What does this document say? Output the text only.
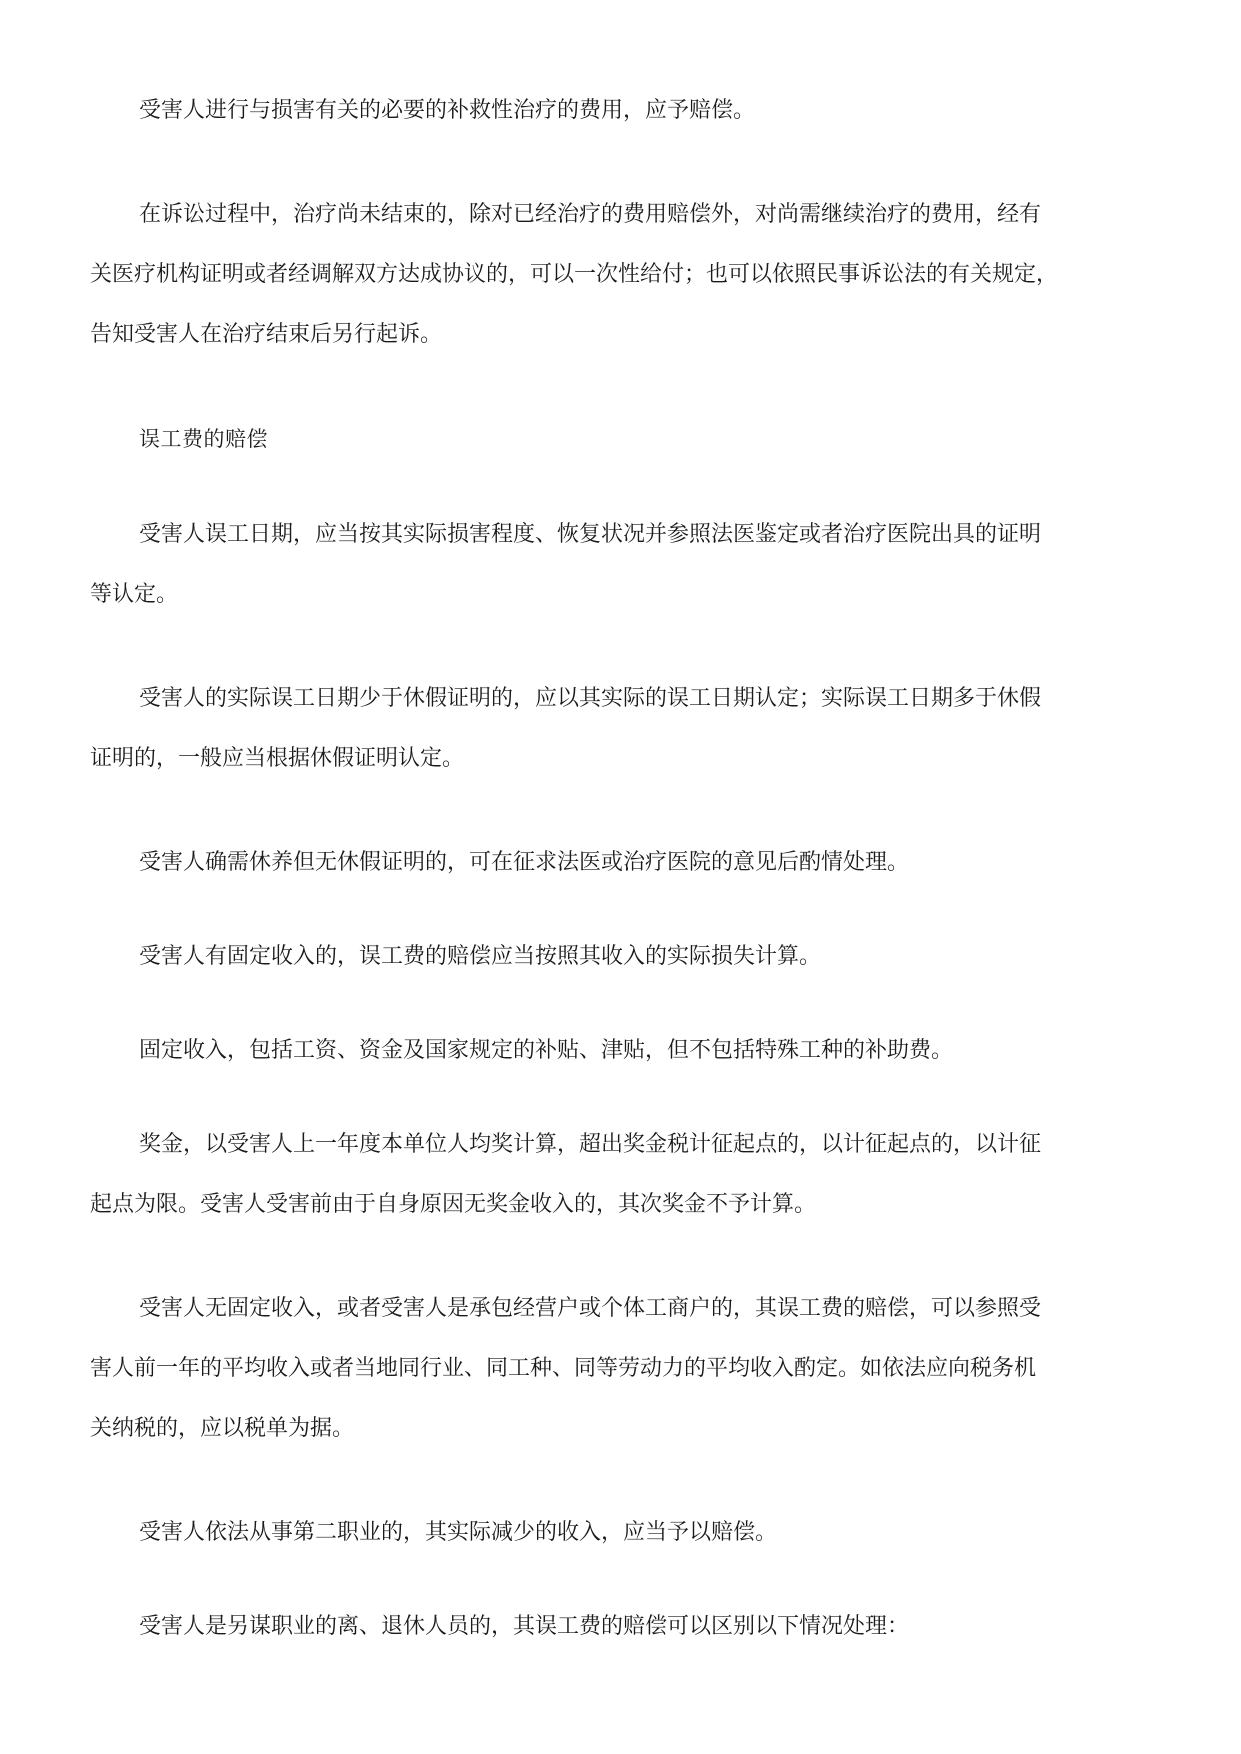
受害人进行与损害有关的必要的补救性治疗的费用，应予赔偿。
在诉讼过程中，治疗尚未结束的，除对已经治疗的费用赔偿外，对尚需继续治疗的费用，经有
关医疗机构证明或者经调解双方达成协议的，可以一次性给付；也可以依照民事诉讼法的有关规定，
告知受害人在治疗结束后另行起诉。
误工费的赔偿
受害人误工日期，应当按其实际损害程度、恢复状况并参照法医鉴定或者治疗医院出具的证明
等认定。
受害人的实际误工日期少于休假证明的，应以其实际的误工日期认定；实际误工日期多于休假
证明的，一般应当根据休假证明认定。
受害人确需休养但无休假证明的，可在征求法医或治疗医院的意见后酌情处理。
受害人有固定收入的，误工费的赔偿应当按照其收入的实际损失计算。
固定收入，包括工资、资金及国家规定的补贴、津贴，但不包括特殊工种的补助费。
奖金，以受害人上一年度本单位人均奖计算，超出奖金税计征起点的，以计征起点的，以计征
起点为限。受害人受害前由于自身原因无奖金收入的，其次奖金不予计算。
受害人无固定收入，或者受害人是承包经营户或个体工商户的，其误工费的赔偿，可以参照受
害人前一年的平均收入或者当地同行业、同工种、同等劳动力的平均收入酌定。如依法应向税务机
关纳税的，应以税单为据。
受害人依法从事第二职业的，其实际减少的收入，应当予以赔偿。
受害人是另谋职业的离、退休人员的，其误工费的赔偿可以区别以下情况处理：
